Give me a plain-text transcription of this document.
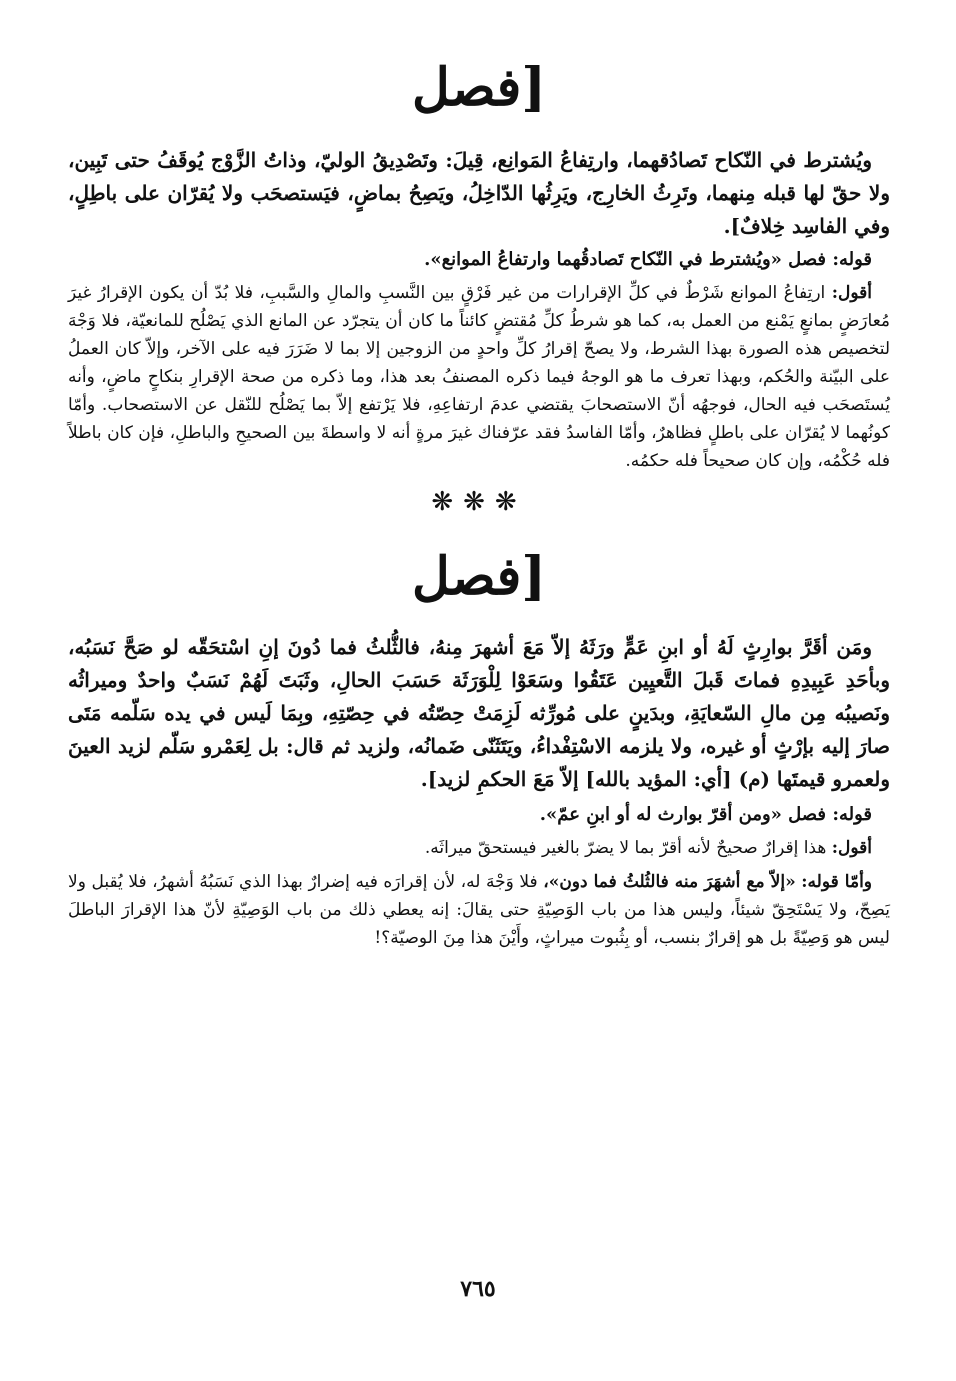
[فصل

ويُشترط في النّكاح تَصادُقهما، وارتِفاعُ المَوانِع، قِيلَ: وتَصْدِيقُ الوليّ، وذاتُ الزَّوْج يُوقَفُ حتى تَبِين، ولا حقّ لها قبله مِنهما، وتَرِثُ الخارِج، ويَرِثُها الدّاخِلُ، ويَصِحُ بماضٍ، فيَستصحَب ولا يُقرّان على باطِلٍ، وفي الفاسِد خِلافٌ].

قوله: فصل «ويُشترط في النّكاح تَصادقُهما وارتفاعُ الموانع».

أقول: ارتِفاعُ الموانع شَرْطٌ في كلِّ الإقرارات من غير فَرْقٍ بين النَّسبِ والمالِ والسَّببِ، فلا بُدّ أن يكون الإقرارُ غيرَ مُعارَضٍ بمانعٍ يَمْنع من العمل به، كما هو شرطُ كلِّ مُقتضٍ كائناً ما كان أن يتجرّد عن المانع الذي يَصْلُح للمانعيّة، فلا وَجْهَ لتخصيص هذه الصورة بهذا الشرط، ولا يصحّ إقرارُ كلِّ واحدٍ من الزوجين إلا بما لا ضَرَرَ فيه على الآخر، وإلاّ كان العملُ على البيّنة والحُكم، وبهذا تعرف ما هو الوجهُ فيما ذكره المصنفُ بعد هذا، وما ذكره من صحة الإقرارِ بنكاحٍ ماضٍ، وأنه يُستَصحَب فيه الحال، فوجهُه أنّ الاستصحابَ يقتضي عدمَ ارتفاعِهِ، فلا يَرْتفع إلاّ بما يَصْلُح للنّقل عن الاستصحاب. وأمّا كونُهما لا يُقرّان على باطلٍ فظاهرٌ، وأمّا الفاسدُ فقد عرّفناك غيرَ مرةٍ أنه لا واسطةَ بين الصحيحِ والباطلِ، فإن كان باطلاً فله حُكْمُه، وإن كان صحيحاً فله حكمُه.

❋❋❋
[فصل

ومَن أقَرَّ بوارِثٍ لَهُ أو ابنِ عَمٍّ ورَثَهُ إلاّ مَعَ أشهرَ مِنهُ، فالثُّلثُ فما دُونَ إنِ اسْتحَقّه لو صَحَّ نَسَبُه، وبأحَدِ عَبِيدِهِ فماتَ قَبلَ التَّعيِين عَتَقُوا وسَعَوْا لِلْوَرَثَة حَسَبَ الحالِ، وثَبَتَ لَهُمْ نَسَبٌ واحدٌ وميراثُه ونَصيبُه مِن مالِ السّعايَةِ، وبدَينٍ على مُورِّثه لَزِمَتْ حِصّتُه في حِصّتِهِ، وبِمَا لَيس في يده سَلّمه مَتَى صارَ إليه بإرْثٍ أو غيره، ولا يلزمه الاسْتِفْداءُ، ويَتَثَنّى ضَمانُه، ولزيد ثم قال: بل لِعَمْرو سَلّم لزيد العينَ ولعمرو قيمتَها (م) [أي: المؤيد بالله] إلاّ مَعَ الحكمِ لزيد].

قوله: فصل «ومن أقرّ بوارث له أو ابنِ عمّ».

أقول: هذا إقرارٌ صحيحٌ لأنه أقرّ بما لا يضرّ بالغير فيستحقّ ميراثَه.

وأمّا قوله: «إلاّ مع أشهَرَ منه فالثُلثُ فما دون»، فلا وَجْهَ له، لأن إقرارَه فيه إضرارٌ بهذا الذي نَسَبُهُ أشهرُ، فلا يُقبل ولا يَصِحّ، ولا يَسْتَحِقّ شيئاً، وليس هذا من باب الوَصِيّةِ حتى يقالَ: إنه يعطي ذلك من باب الوَصِيّةِ لأنّ هذا الإقرارَ الباطلَ ليس هو وَصِيّةً بل هو إقرارٌ بنسب، أو بِثُبوت ميراثٍ، وأَيْنَ هذا مِنَ الوصيّة؟!

٧٦٥
